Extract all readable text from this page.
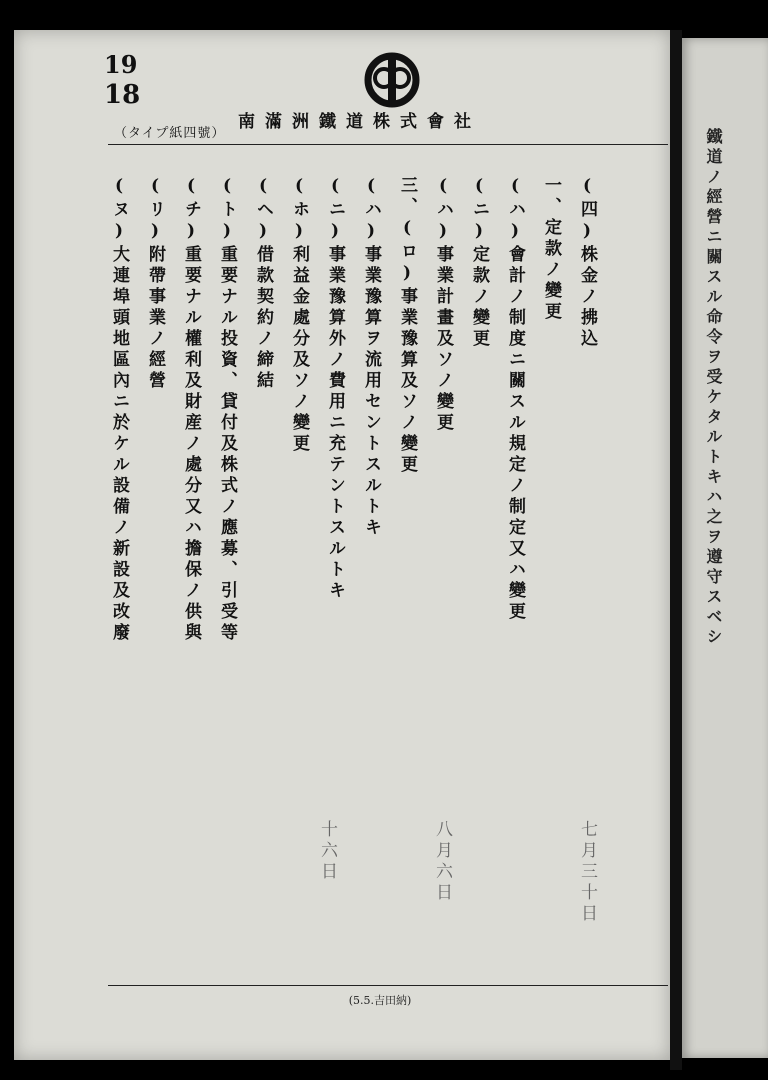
鐵道ノ經營ニ關スル命令ヲ受ケタルトキハ之ヲ遵守スベシ
19
18
（タイプ紙四號）
南滿洲鐵道株式會社
(5.5.吉田納)
(四)株金ノ拂込
一、定款ノ變更
(ハ)會計ノ制度ニ關スル規定ノ制定又ハ變更
(ニ)定款ノ變更
(ハ)事業計畫及ソノ變更
三、(ロ)事業豫算及ソノ變更
(ハ)事業豫算ヲ流用セントスルトキ
(ニ)事業豫算外ノ費用ニ充テントスルトキ
(ホ)利益金處分及ソノ變更
(ヘ)借款契約ノ締結
(ト)重要ナル投資、貸付及株式ノ應募、引受等
(チ)重要ナル權利及財産ノ處分又ハ擔保ノ供與
(リ)附帶事業ノ經營
(ヌ)大連埠頭地區內ニ於ケル設備ノ新設及改廢
七月三十日
八月六日
十六日
